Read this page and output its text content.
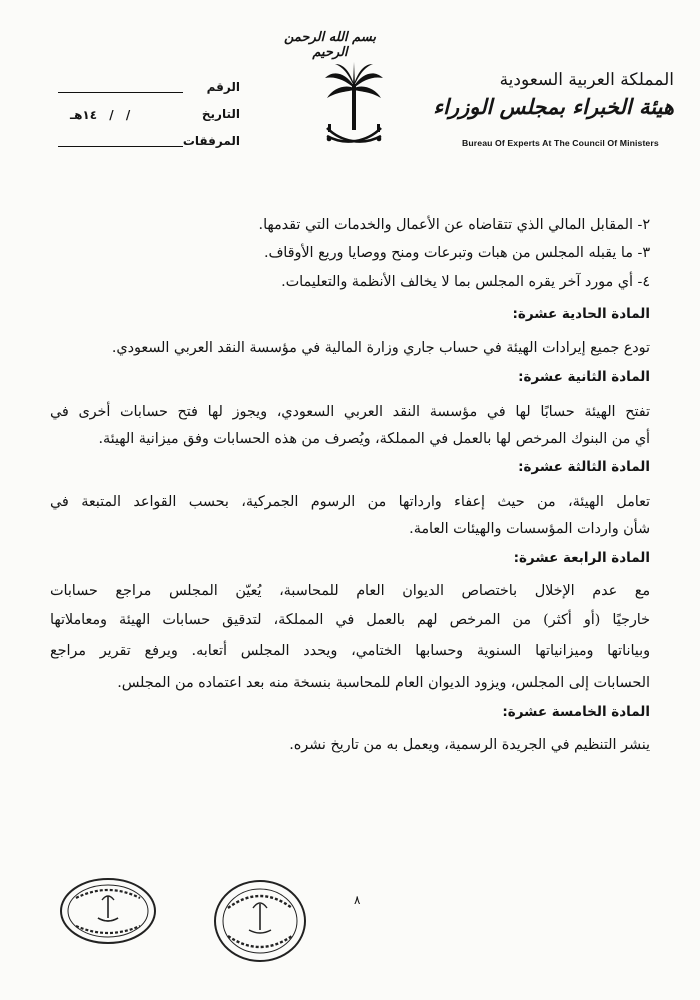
بسم الله الرحمن الرحيم
المملكة العربية السعودية
هيئة الخبراء بمجلس الوزراء
Bureau Of Experts At The Council Of Ministers
الرقم
التاريخ
/ / ١٤هـ
المرفقات

٢- المقابل المالي الذي تتقاضاه عن الأعمال والخدمات التي تقدمها.

٣- ما يقبله المجلس من هبات وتبرعات ومنح ووصايا وريع الأوقاف.

٤- أي مورد آخر يقره المجلس بما لا يخالف الأنظمة والتعليمات.

المادة الحادية عشرة:

تودع جميع إيرادات الهيئة في حساب جاري وزارة المالية في مؤسسة النقد العربي السعودي.

المادة الثانية عشرة:

تفتح الهيئة حسابًا لها في مؤسسة النقد العربي السعودي، ويجوز لها فتح حسابات أخرى في

أي من البنوك المرخص لها بالعمل في المملكة، ويُصرف من هذه الحسابات وفق ميزانية الهيئة.

المادة الثالثة عشرة:

تعامل الهيئة، من حيث إعفاء وارداتها من الرسوم الجمركية، بحسب القواعد المتبعة في

شأن واردات المؤسسات والهيئات العامة.

المادة الرابعة عشرة:

مع عدم الإخلال باختصاص الديوان العام للمحاسبة، يُعيّن المجلس مراجع حسابات

خارجيًا (أو أكثر) من المرخص لهم بالعمل في المملكة، لتدقيق حسابات الهيئة ومعاملاتها

وبياناتها وميزانياتها السنوية وحسابها الختامي، ويحدد المجلس أتعابه. ويرفع تقرير مراجع

الحسابات إلى المجلس، ويزود الديوان العام للمحاسبة بنسخة منه بعد اعتماده من المجلس.

المادة الخامسة عشرة:

ينشر التنظيم في الجريدة الرسمية، ويعمل به من تاريخ نشره.

٨
